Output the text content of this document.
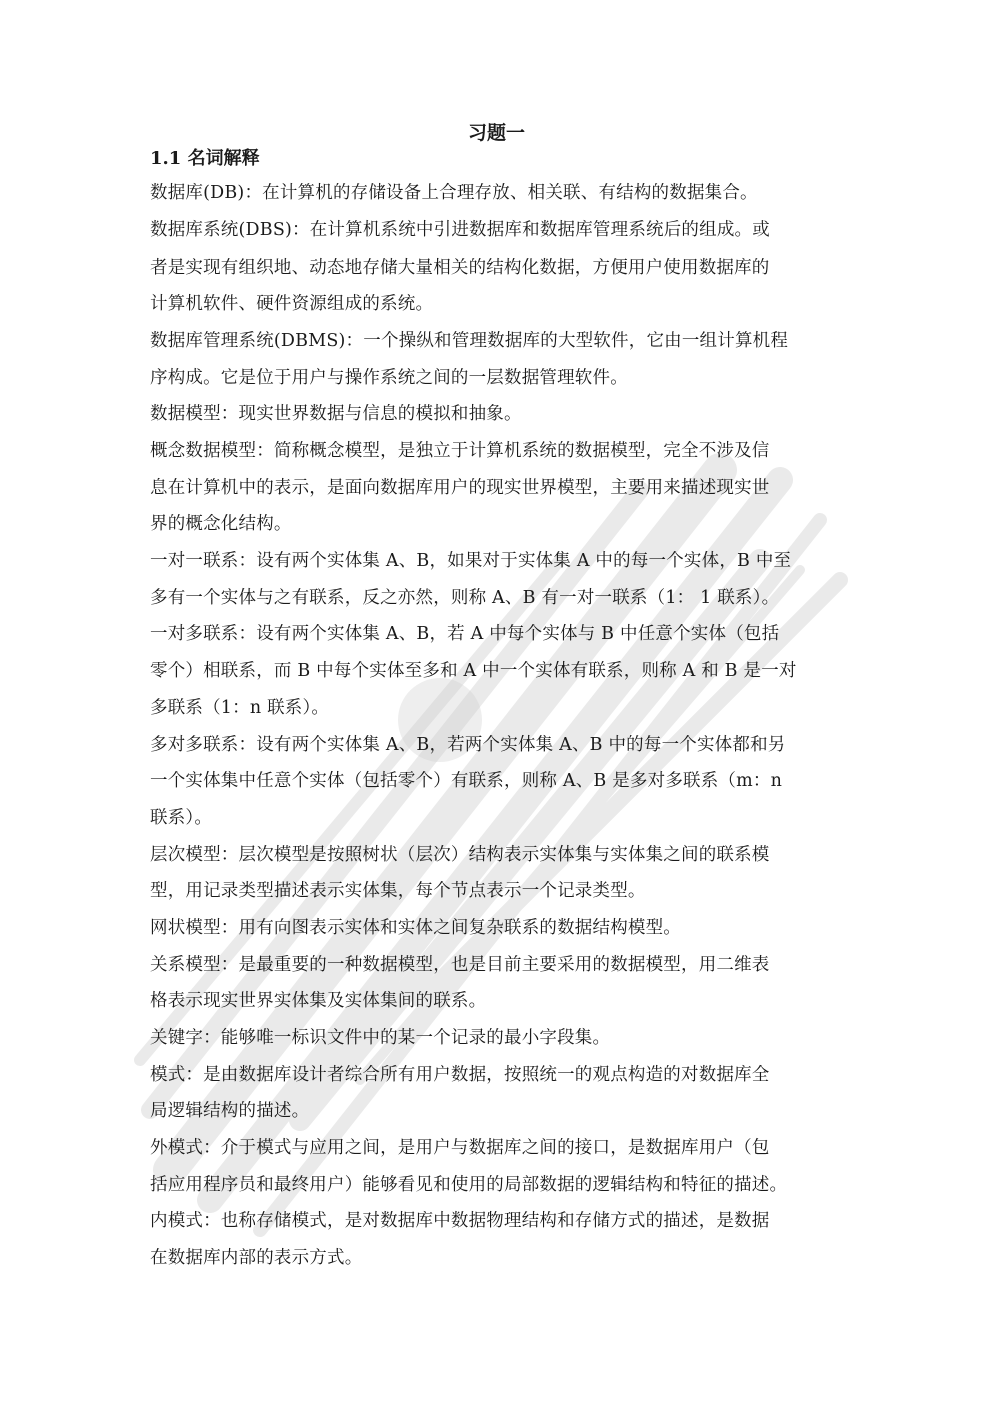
习题一
1.1 名词解释
数据库(DB)：在计算机的存储设备上合理存放、相关联、有结构的数据集合。
数据库系统(DBS)：在计算机系统中引进数据库和数据库管理系统后的组成。或
者是实现有组织地、动态地存储大量相关的结构化数据，方便用户使用数据库的
计算机软件、硬件资源组成的系统。
数据库管理系统(DBMS)：一个操纵和管理数据库的大型软件，它由一组计算机程
序构成。它是位于用户与操作系统之间的一层数据管理软件。
数据模型：现实世界数据与信息的模拟和抽象。
概念数据模型：简称概念模型，是独立于计算机系统的数据模型，完全不涉及信
息在计算机中的表示，是面向数据库用户的现实世界模型，主要用来描述现实世
界的概念化结构。
一对一联系：设有两个实体集 A、B，如果对于实体集 A 中的每一个实体，B 中至
多有一个实体与之有联系，反之亦然，则称 A、B 有一对一联系（1： 1 联系）。
一对多联系：设有两个实体集 A、B，若 A 中每个实体与 B 中任意个实体（包括
零个）相联系，而 B 中每个实体至多和 A 中一个实体有联系，则称 A 和 B 是一对
多联系（1：n 联系）。
多对多联系：设有两个实体集 A、B，若两个实体集 A、B 中的每一个实体都和另
一个实体集中任意个实体（包括零个）有联系，则称 A、B 是多对多联系（m：n
联系）。
层次模型：层次模型是按照树状（层次）结构表示实体集与实体集之间的联系模
型，用记录类型描述表示实体集，每个节点表示一个记录类型。
网状模型：用有向图表示实体和实体之间复杂联系的数据结构模型。
关系模型：是最重要的一种数据模型，也是目前主要采用的数据模型，用二维表
格表示现实世界实体集及实体集间的联系。
关键字：能够唯一标识文件中的某一个记录的最小字段集。
模式：是由数据库设计者综合所有用户数据，按照统一的观点构造的对数据库全
局逻辑结构的描述。
外模式：介于模式与应用之间，是用户与数据库之间的接口，是数据库用户（包
括应用程序员和最终用户）能够看见和使用的局部数据的逻辑结构和特征的描述。
内模式：也称存储模式，是对数据库中数据物理结构和存储方式的描述，是数据
在数据库内部的表示方式。
